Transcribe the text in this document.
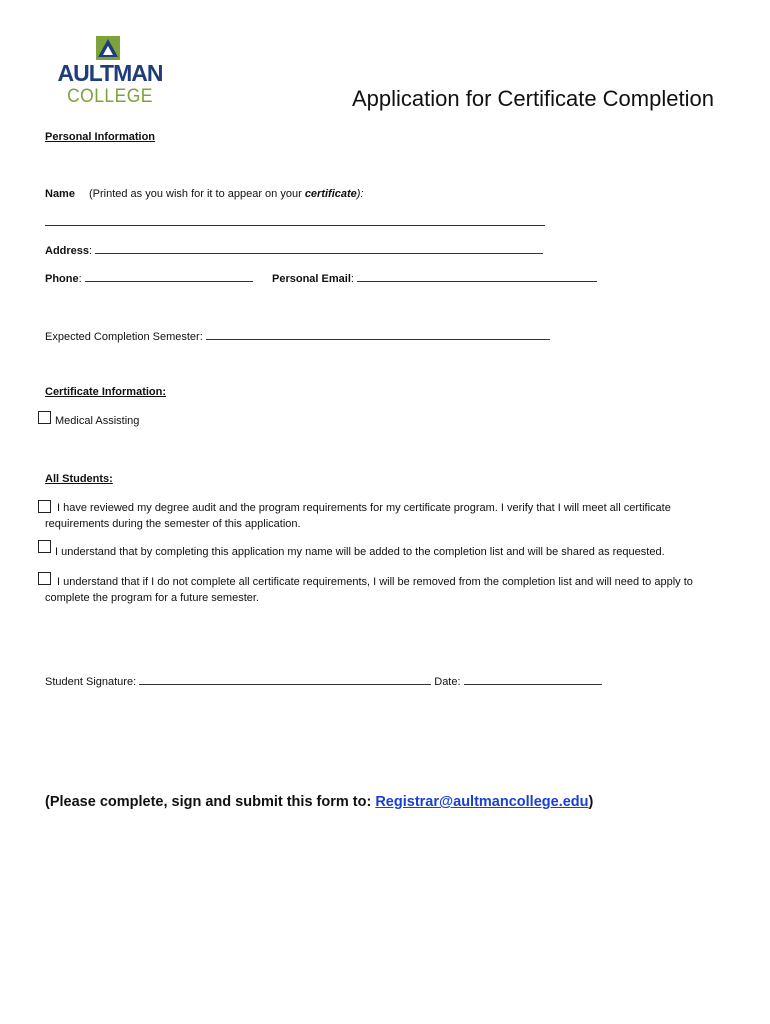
AULTMAN
COLLEGE	Application for Certificate Completion
Personal Information
Name (Printed as you wish for it to appear on your certificate):
Address:
Phone:	Personal Email:
Expected Completion Semester:
Certificate Information:
Medical Assisting
All Students:
I have reviewed my degree audit and the program requirements for my certificate program. I verify that I will meet all certificate requirements during the semester of this application.
I understand that by completing this application my name will be added to the completion list and will be shared as requested.
I understand that if I do not complete all certificate requirements, I will be removed from the completion list and will need to apply to complete the program for a future semester.
Student Signature:	Date:
(Please complete, sign and submit this form to: Registrar@aultmancollege.edu)
